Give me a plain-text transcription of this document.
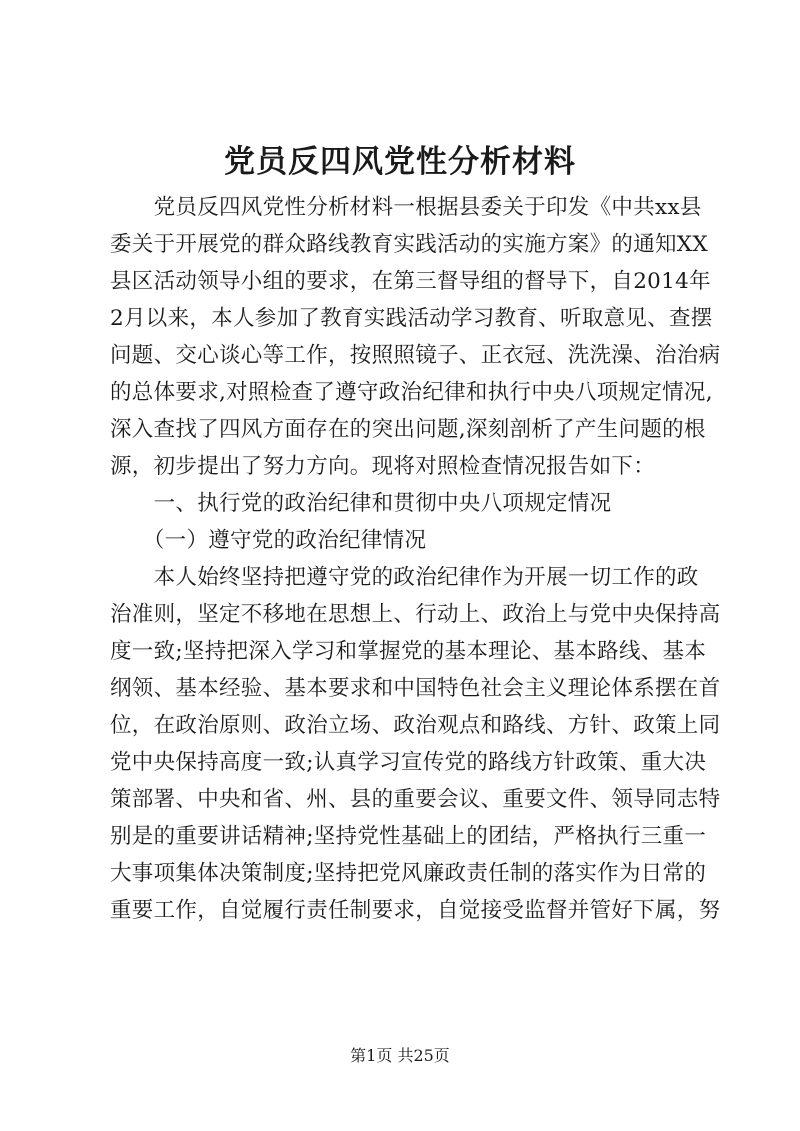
党员反四风党性分析材料
　　党员反四风党性分析材料一根据县委关于印发《中共xx县
委关于开展党的群众路线教育实践活动的实施方案》的通知XX
县区活动领导小组的要求，在第三督导组的督导下，自2014年
2月以来，本人参加了教育实践活动学习教育、听取意见、查摆
问题、交心谈心等工作，按照照镜子、正衣冠、洗洗澡、治治病
的总体要求,对照检查了遵守政治纪律和执行中央八项规定情况,
深入查找了四风方面存在的突出问题,深刻剖析了产生问题的根
源，初步提出了努力方向。现将对照检查情况报告如下：
　　一、执行党的政治纪律和贯彻中央八项规定情况
　　（一）遵守党的政治纪律情况
　　本人始终坚持把遵守党的政治纪律作为开展一切工作的政
治准则，坚定不移地在思想上、行动上、政治上与党中央保持高
度一致;坚持把深入学习和掌握党的基本理论、基本路线、基本
纲领、基本经验、基本要求和中国特色社会主义理论体系摆在首
位，在政治原则、政治立场、政治观点和路线、方针、政策上同
党中央保持高度一致;认真学习宣传党的路线方针政策、重大决
策部署、中央和省、州、县的重要会议、重要文件、领导同志特
别是的重要讲话精神;坚持党性基础上的团结，严格执行三重一
大事项集体决策制度;坚持把党风廉政责任制的落实作为日常的
重要工作，自觉履行责任制要求，自觉接受监督并管好下属，努
第1页 共25页
